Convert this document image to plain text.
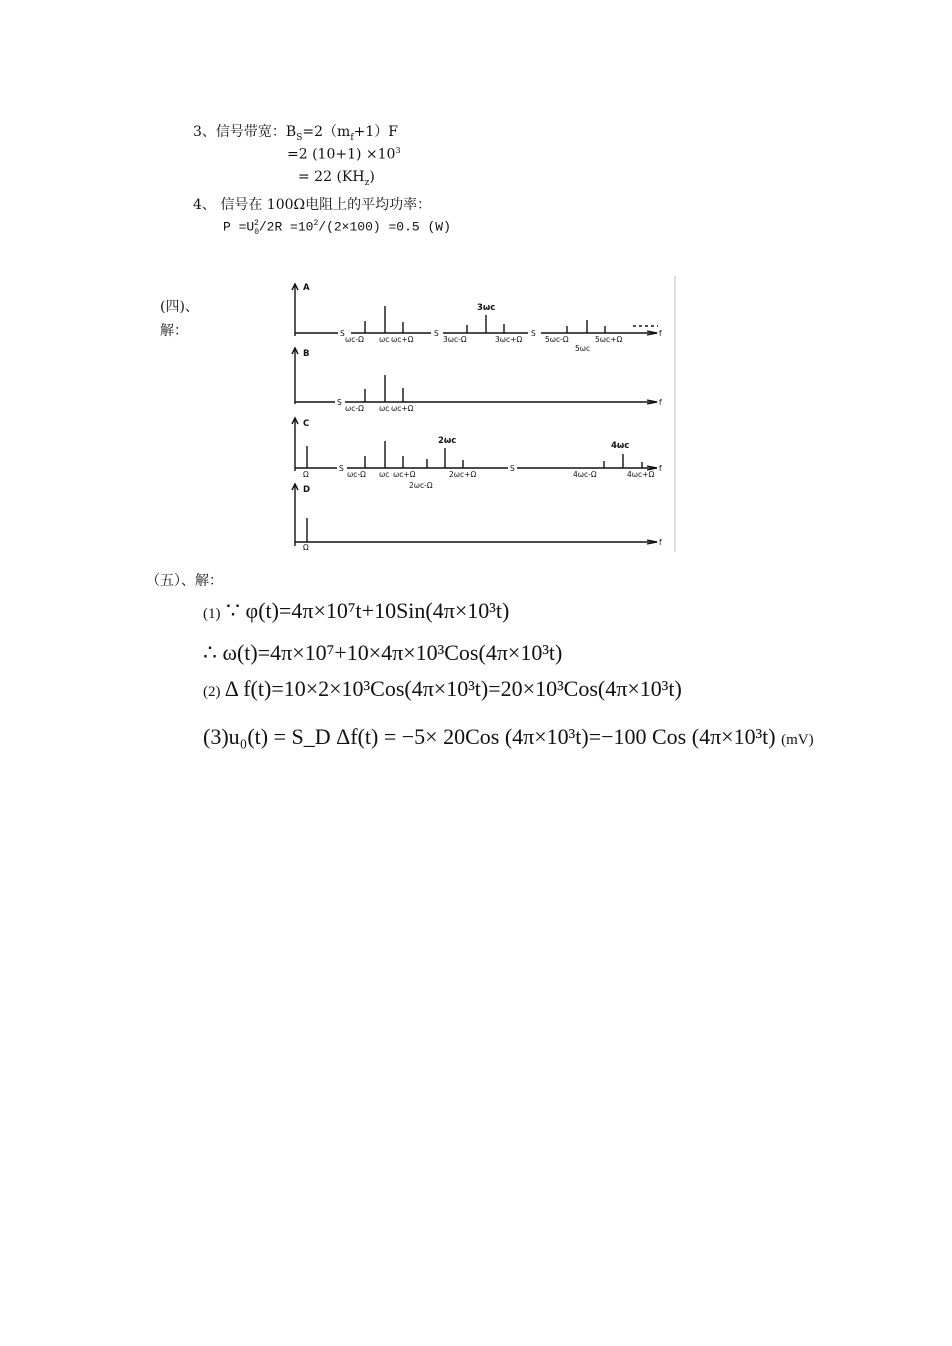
3、信号带宽：$B_S=2(m_f+1)F$
=2 $(10+1) \times 10^3$
= 22 $(KH_z)$
4、 信号在 100Ω电阻上的平均功率：
$P =U_0^2/2R =10^2/(2\times 100) =0.5$ (W)
(四)、
解：
A
S	S	S
ωc-Ω ωc ωc+Ω
3ωc
3ωc-Ω	3ωc+Ω	5ωc-Ω	5ωc+Ω
5ωc
f
B
S
ωc-Ω ωc ωc+Ω
f
C
S	S
Ω	ωc-Ω ωc ωc+Ω
2ωc-Ω
2ωc
2ωc+Ω
4ωc
4ωc-Ω	4ωc+Ω
f
D
Ω
f
（五）、解：
(1) ∵ φ(t)=4π×10⁷t+10Sin(4π×10³t)
∴ ω(t)=4π×10⁷+10×4π×10³Cos(4π×10³t)
(2) Δ f(t)=10×2×10³Cos(4π×10³t)=20×10³Cos(4π×10³t)
(3)u₀(t) = S_D Δf(t) = −5× 20Cos (4π×10³t)=−100 Cos (4π×10³t) (mV)
